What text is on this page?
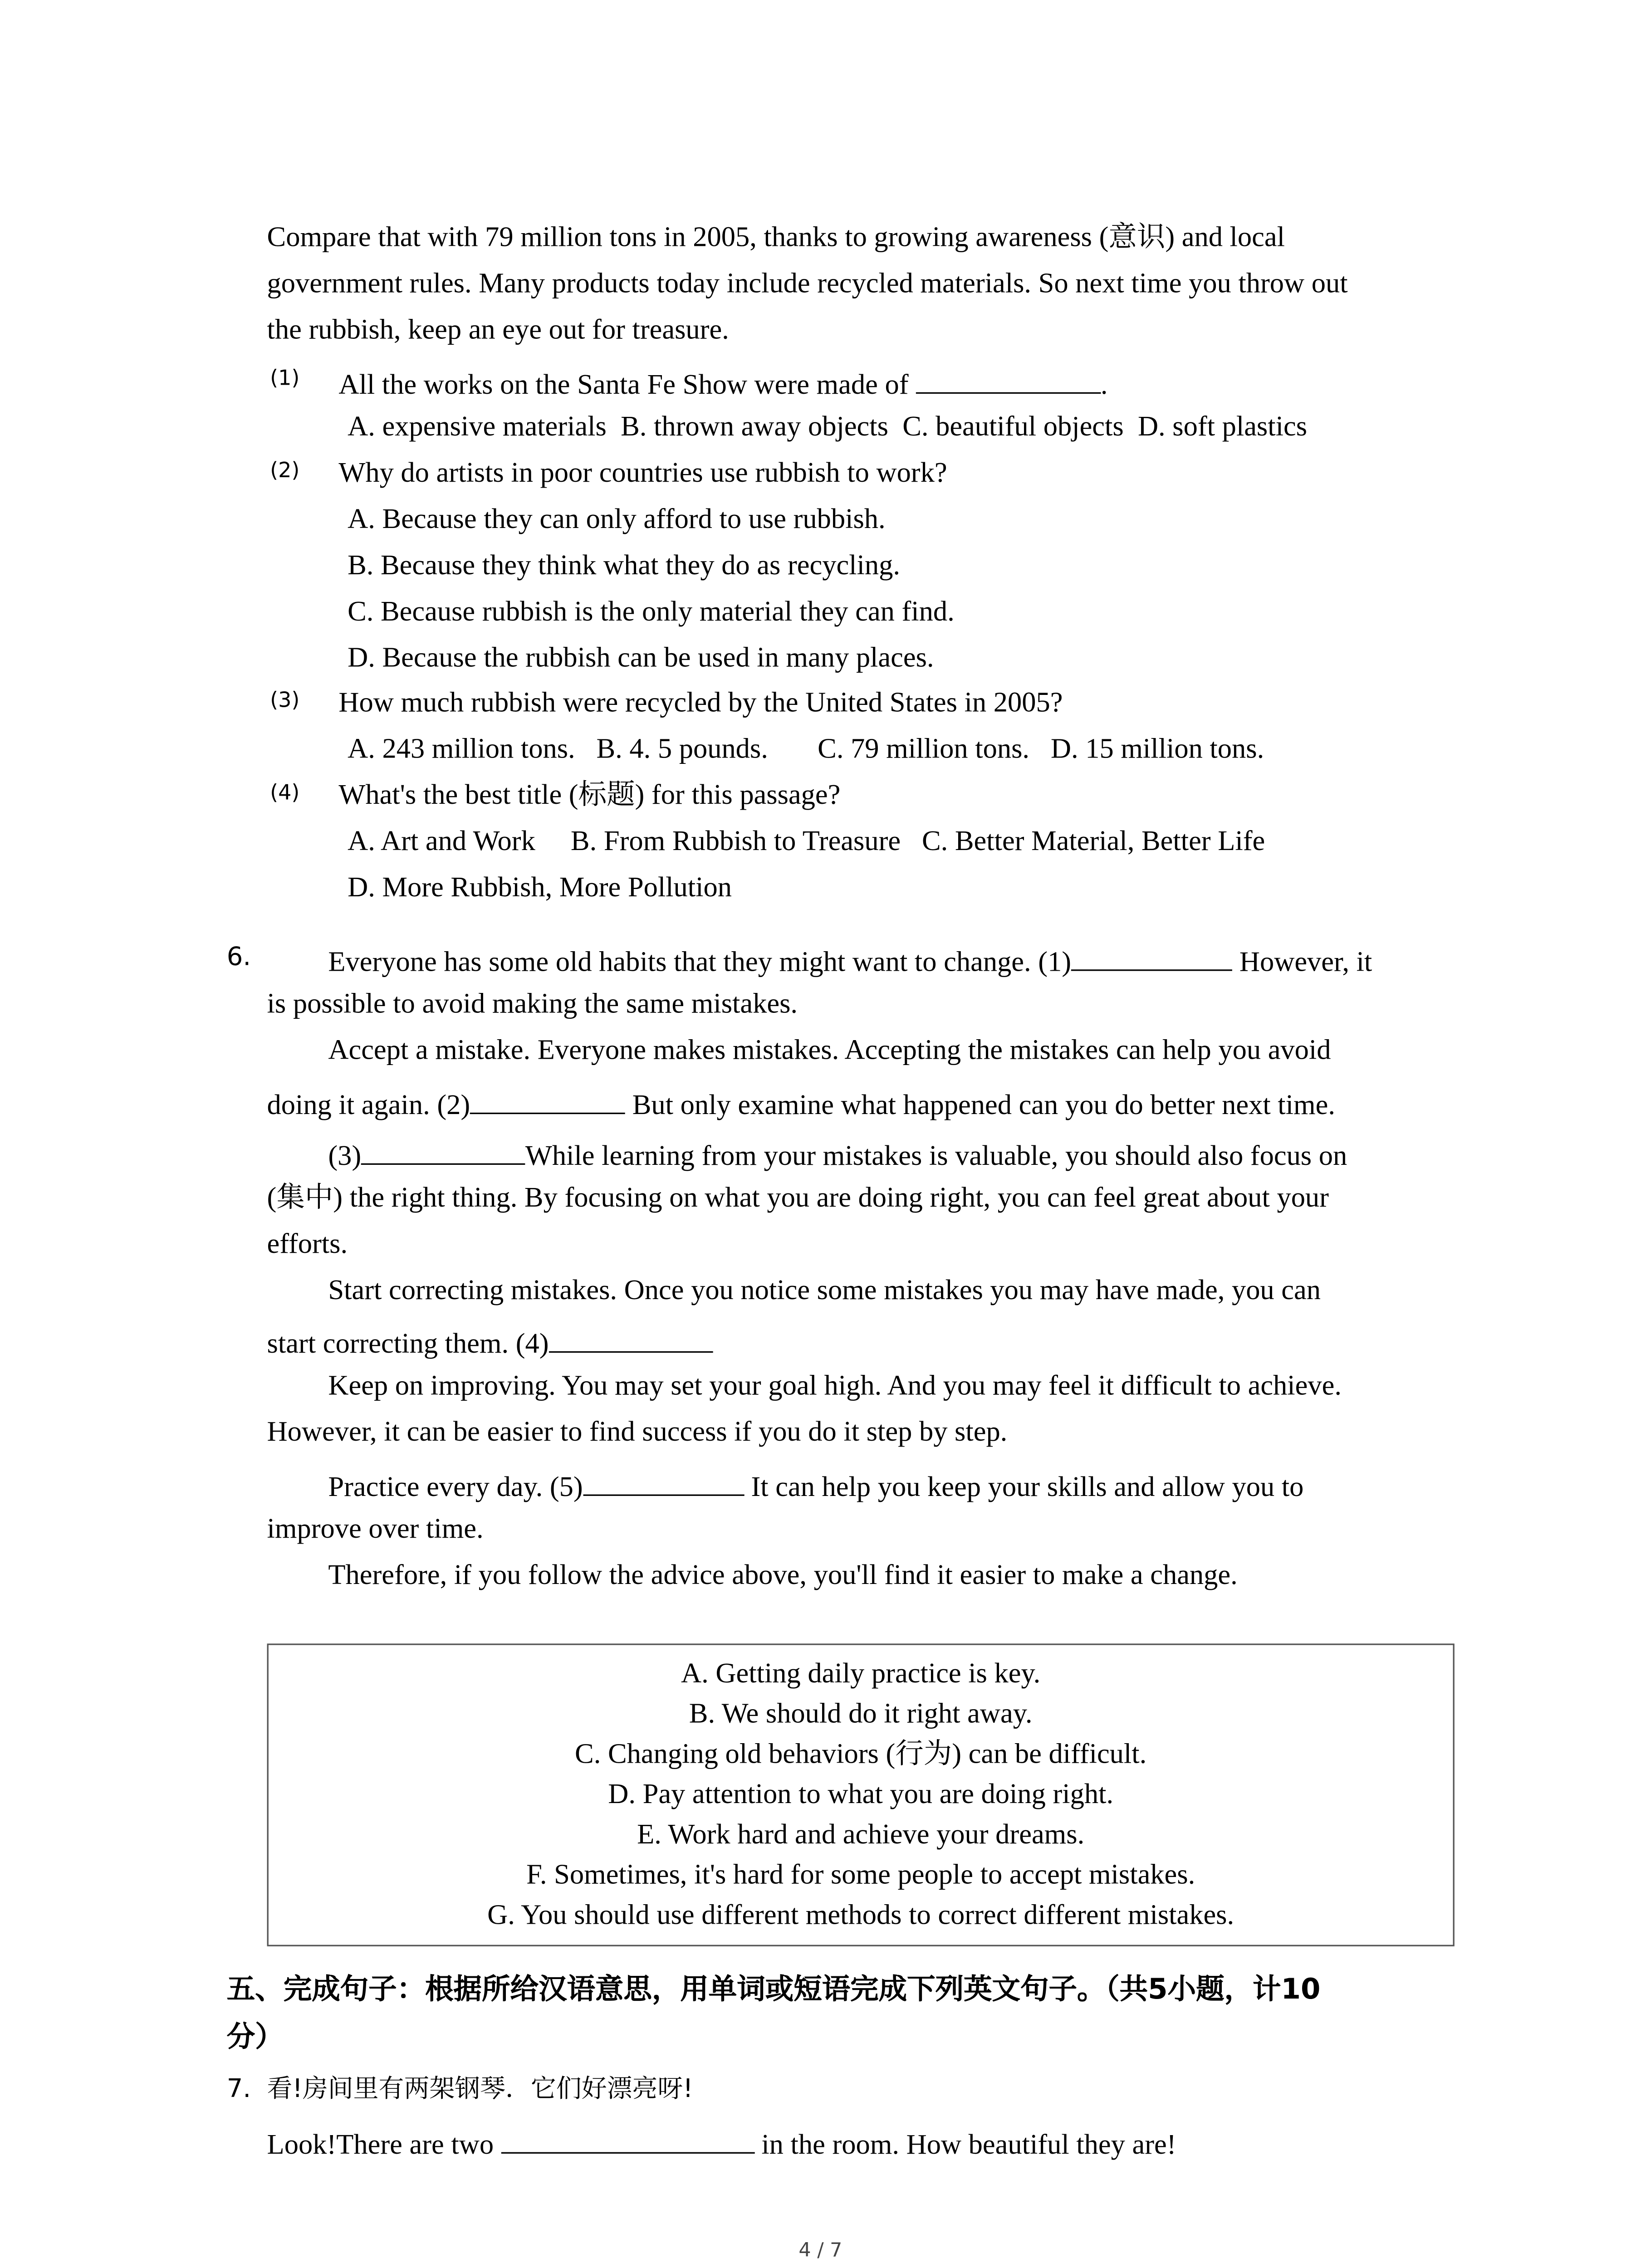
Compare that with 79 million tons in 2005, thanks to growing awareness (意识) and local
government rules. Many products today include recycled materials. So next time you throw out
the rubbish, keep an eye out for treasure.
(1)	All the works on the Santa Fe Show were made of	.
A. expensive materials  B. thrown away objects  C. beautiful objects  D. soft plastics
(2)	Why do artists in poor countries use rubbish to work?
A. Because they can only afford to use rubbish.
B. Because they think what they do as recycling.
C. Because rubbish is the only material they can find.
D. Because the rubbish can be used in many places.
(3)	How much rubbish were recycled by the United States in 2005?
A. 243 million tons.   B. 4. 5 pounds.       C. 79 million tons.   D. 15 million tons.
(4)	What's the best title (标题) for this passage?
A. Art and Work     B. From Rubbish to Treasure   C. Better Material, Better Life
D. More Rubbish, More Pollution
6.	Everyone has some old habits that they might want to change. (1)	However, it
is possible to avoid making the same mistakes.
Accept a mistake. Everyone makes mistakes. Accepting the mistakes can help you avoid
doing it again. (2)	But only examine what happened can you do better next time.
(3)	While learning from your mistakes is valuable, you should also focus on
(集中) the right thing. By focusing on what you are doing right, you can feel great about your
efforts.
Start correcting mistakes. Once you notice some mistakes you may have made, you can
start correcting them. (4)
Keep on improving. You may set your goal high. And you may feel it difficult to achieve.
However, it can be easier to find success if you do it step by step.
Practice every day. (5)	It can help you keep your skills and allow you to
improve over time.
Therefore, if you follow the advice above, you'll find it easier to make a change.
A. Getting daily practice is key.
B. We should do it right away.
C. Changing old behaviors (行为) can be difficult.
D. Pay attention to what you are doing right.
E. Work hard and achieve your dreams.
F. Sometimes, it's hard for some people to accept mistakes.
G. You should use different methods to correct different mistakes.
五、完成句子：根据所给汉语意思，用单词或短语完成下列英文句子。（共5小题，计10
分）
7. 看!房间里有两架钢琴．它们好漂亮呀!
Look!There are two	in the room. How beautiful they are!
4 / 7
